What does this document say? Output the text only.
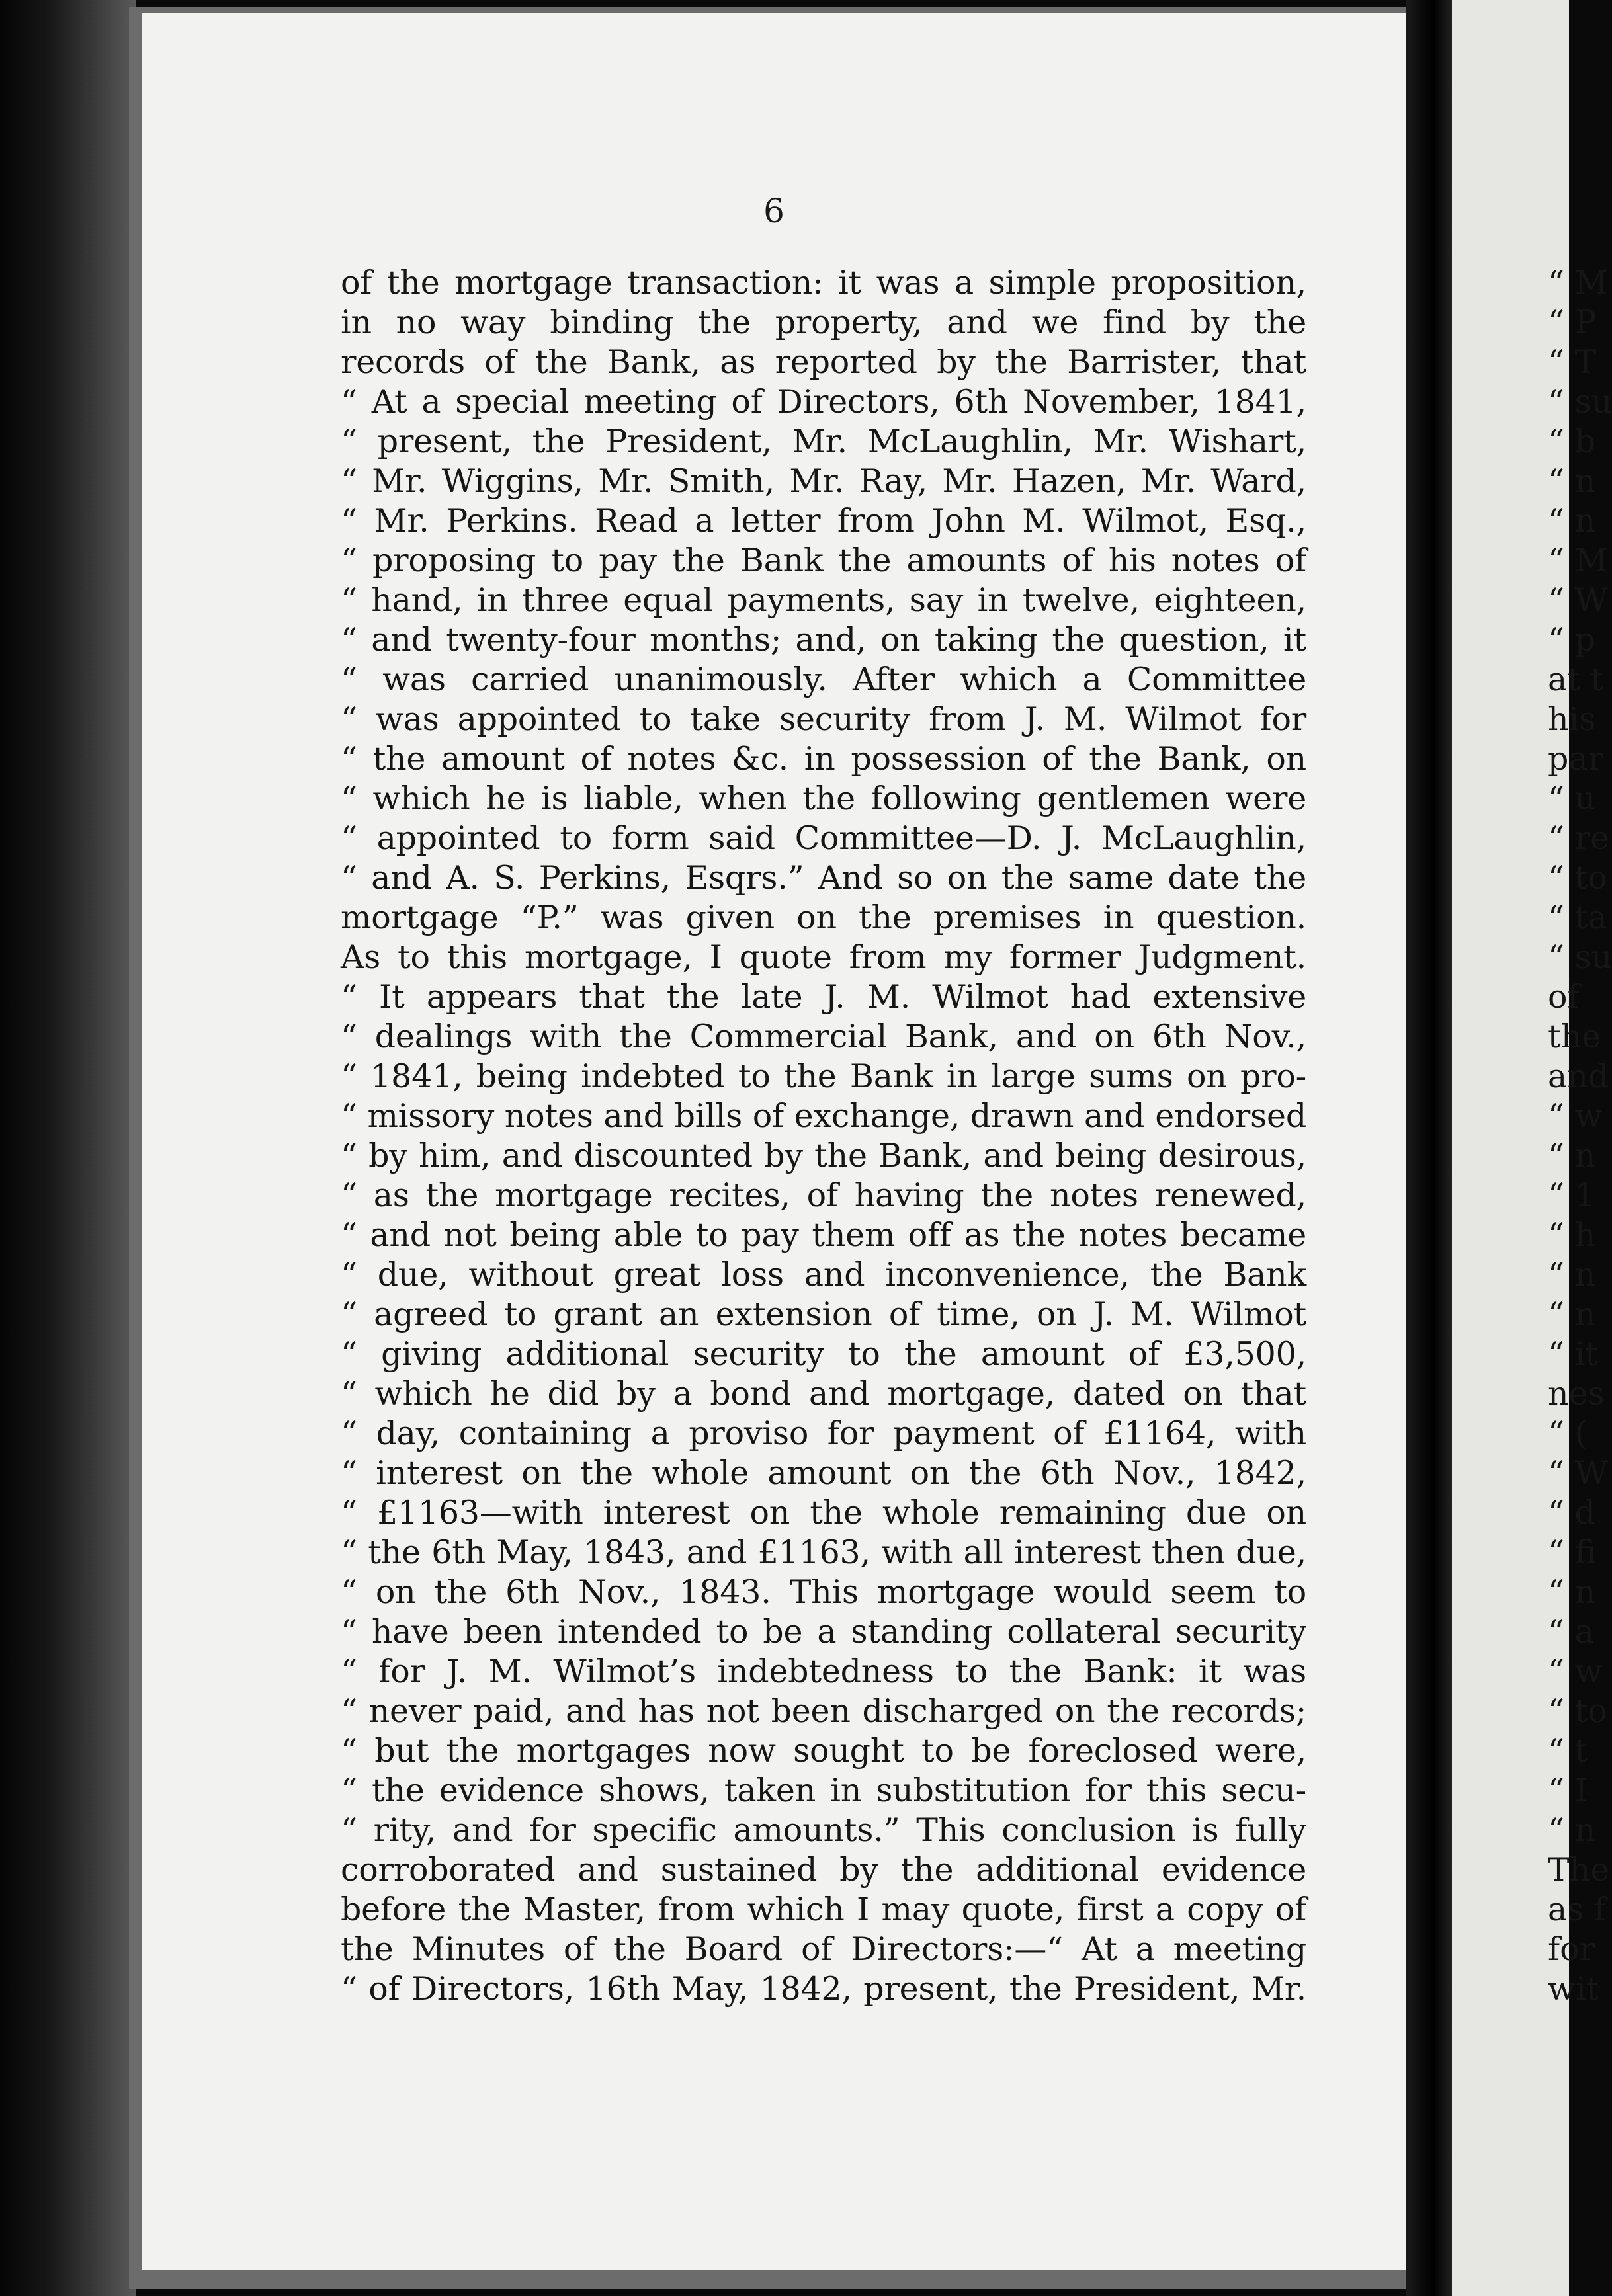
6
of the mortgage transaction: it was a simple proposition,
in no way binding the property, and we find by the
records of the Bank, as reported by the Barrister, that
“ At a special meeting of Directors, 6th November, 1841,
“ present, the President, Mr. McLaughlin, Mr. Wishart,
“ Mr. Wiggins, Mr. Smith, Mr. Ray, Mr. Hazen, Mr. Ward,
“ Mr. Perkins. Read a letter from John M. Wilmot, Esq.,
“ proposing to pay the Bank the amounts of his notes of
“ hand, in three equal payments, say in twelve, eighteen,
“ and twenty-four months; and, on taking the question, it
“ was carried unanimously. After which a Committee
“ was appointed to take security from J. M. Wilmot for
“ the amount of notes &c. in possession of the Bank, on
“ which he is liable, when the following gentlemen were
“ appointed to form said Committee—D. J. McLaughlin,
“ and A. S. Perkins, Esqrs.” And so on the same date the
mortgage “P.” was given on the premises in question.
As to this mortgage, I quote from my former Judgment.
“ It appears that the late J. M. Wilmot had extensive
“ dealings with the Commercial Bank, and on 6th Nov.,
“ 1841, being indebted to the Bank in large sums on pro-
“ missory notes and bills of exchange, drawn and endorsed
“ by him, and discounted by the Bank, and being desirous,
“ as the mortgage recites, of having the notes renewed,
“ and not being able to pay them off as the notes became
“ due, without great loss and inconvenience, the Bank
“ agreed to grant an extension of time, on J. M. Wilmot
“ giving additional security to the amount of £3,500,
“ which he did by a bond and mortgage, dated on that
“ day, containing a proviso for payment of £1164, with
“ interest on the whole amount on the 6th Nov., 1842,
“ £1163—with interest on the whole remaining due on
“ the 6th May, 1843, and £1163, with all interest then due,
“ on the 6th Nov., 1843. This mortgage would seem to
“ have been intended to be a standing collateral security
“ for J. M. Wilmot’s indebtedness to the Bank: it was
“ never paid, and has not been discharged on the records;
“ but the mortgages now sought to be foreclosed were,
“ the evidence shows, taken in substitution for this secu-
“ rity, and for specific amounts.” This conclusion is fully
corroborated and sustained by the additional evidence
before the Master, from which I may quote, first a copy of
the Minutes of the Board of Directors:—“ At a meeting
“ of Directors, 16th May, 1842, present, the President, Mr.
“ M
“ P
“ T
“ su
“ b
“ n
“ n
“ M
“ W
“ p
at t
his
par
“ u
“ re
“ to
“ ta
“ su
of
the
and
“ w
“ n
“ 1
“ h
“ n
“ n
“ it
nes
“ (
“ W
“ d
“ fi
“ n
“ a
“ w
“ to
“ t
“ I
“ n
The
as f
for
wit
